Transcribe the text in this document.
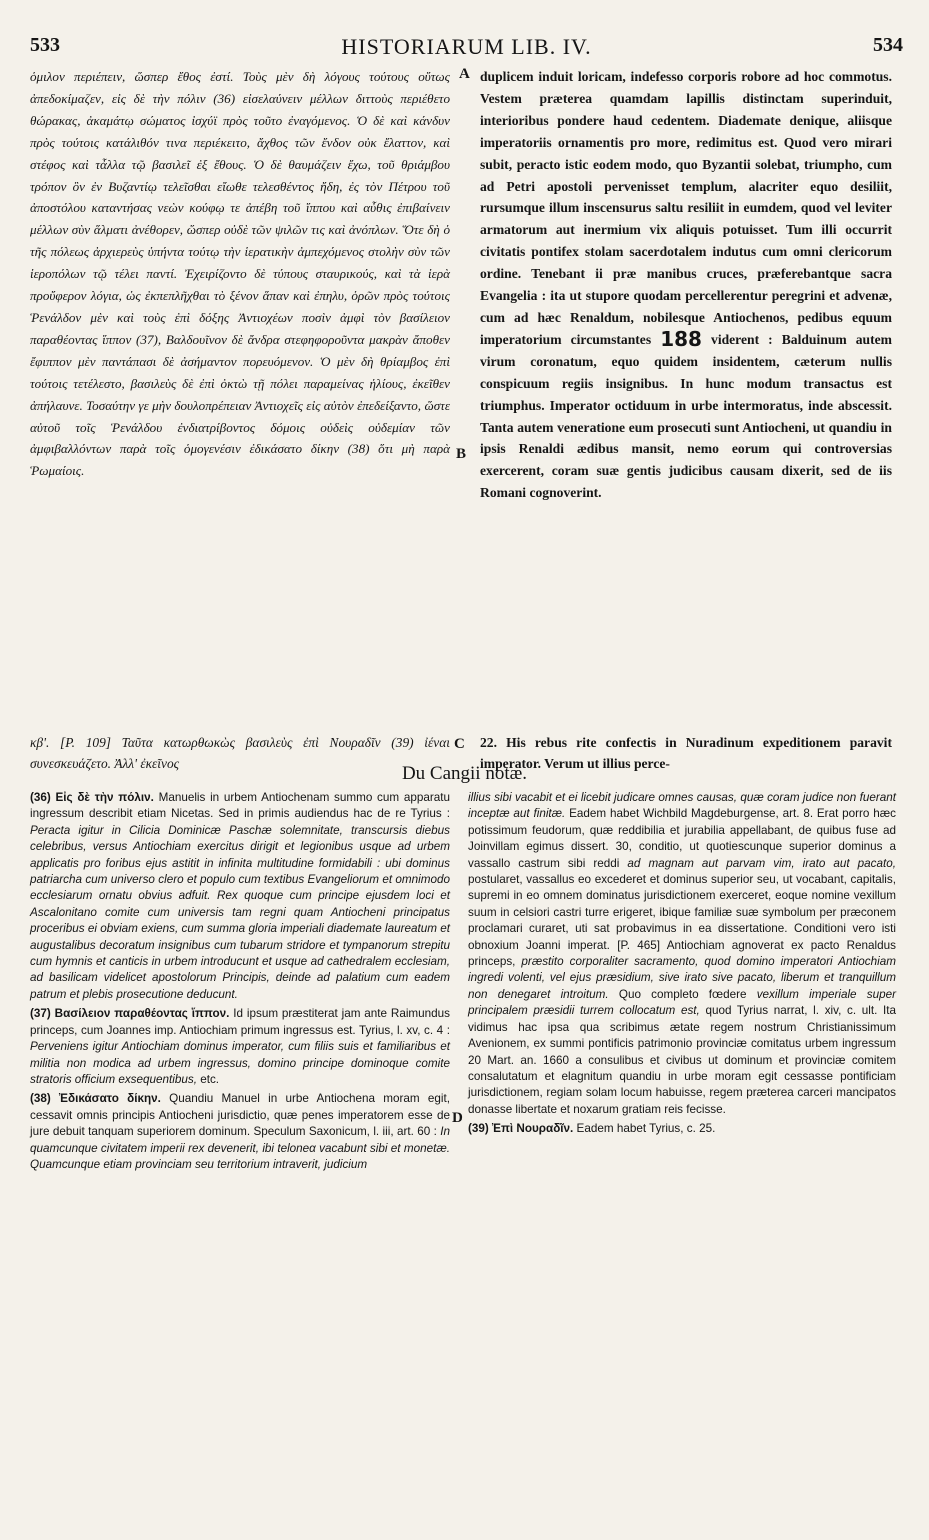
533	HISTORIARUM LIB. IV.	534
A
B
C
D

ὁμιλον περιέπειν, ὥσπερ ἔθος ἐστί. Τοὺς μὲν δὴ λόγους τούτους οὕτως ἀπεδοκίμαζεν, εἰς δὲ τὴν πόλιν (36) εἰσελαύνειν μέλλων διττοὺς περιέθετο θώρακας, ἀκαμάτῳ σώματος ἰσχύϊ πρὸς τοῦτο ἐναγόμενος. Ὁ δὲ καὶ κάνδυν πρὸς τούτοις κατάλιθόν τινα περιέκειτο, ἄχθος τῶν ἔνδον οὐκ ἔλαττον, καὶ στέφος καὶ τἆλλα τῷ βασιλεῖ ἐξ ἔθους. Ὁ δὲ θαυμάζειν ἔχω, τοῦ θριάμβου τρόπον ὃν ἐν Βυζαντίῳ τελεῖσθαι εἴωθε τελεσθέντος ἤδη, ἐς τὸν Πέτρου τοῦ ἀποστόλου καταντήσας νεὼν κούφῳ τε ἀπέβη τοῦ ἵππου καὶ αὖθις ἐπιβαίνειν μέλλων σὺν ἅλματι ἀνέθορεν, ὥσπερ οὐδὲ τῶν ψιλῶν τις καὶ ἀνόπλων. Ὅτε δὴ ὁ τῆς πόλεως ἀρχιερεὺς ὑπήντα τούτῳ τὴν ἱερατικὴν ἀμπεχόμενος στολὴν σὺν τῶν ἱεροπόλων τῷ τέλει παντί. Ἐχειρίζοντο δὲ τύπους σταυρικούς, καὶ τὰ ἱερὰ προὔφερον λόγια, ὡς ἐκπεπλῆχθαι τὸ ξένον ἅπαν καὶ ἐπηλυ, ὁρῶν πρὸς τούτοις Ῥενάλδον μὲν καὶ τοὺς ἐπὶ δόξης Ἀντιοχέων ποσὶν ἀμφὶ τὸν βασίλειον παραθέοντας ἵππον (37), Βαλδουῖνον δὲ ἄνδρα στεφηφοροῦντα μακρὰν ἄποθεν ἔφιππον μὲν παντάπασι δὲ ἀσήμαντον πορευόμενον. Ὁ μὲν δὴ θρίαμβος ἐπὶ τούτοις τετέλεστο, βασιλεὺς δὲ ἐπὶ ὀκτὼ τῇ πόλει παραμείνας ἡλίους, ἐκεῖθεν ἀπήλαυνε. Τοσαύτην γε μὴν δουλοπρέπειαν Ἀντιοχεῖς εἰς αὐτὸν ἐπεδείξαντο, ὥστε αὐτοῦ τοῖς Ῥενάλδου ἐνδιατρίβοντος δόμοις οὐδεὶς οὐδεμίαν τῶν ἀμφιβαλλόντων παρὰ τοῖς ὁμογενέσιν ἐδικάσατο δίκην (38) ὅτι μὴ παρὰ Ῥωμαίοις.

duplicem induit loricam, indefesso corporis robore ad hoc commotus. Vestem præterea quamdam lapillis distinctam superinduit, interioribus pondere haud cedentem. Diademate denique, aliisque imperatoriis ornamentis pro more, redimitus est. Quod vero mirari subit, peracto istic eodem modo, quo Byzantii solebat, triumpho, cum ad Petri apostoli pervenisset templum, alacriter equo desiliit, rursumque illum inscensurus saltu resiliit in eumdem, quod vel leviter armatorum aut inermium vix aliquis potuisset. Tum illi occurrit civitatis pontifex stolam sacerdotalem indutus cum omni clericorum ordine. Tenebant ii præ manibus cruces, præferebantque sacra Evangelia : ita ut stupore quodam percellerentur peregrini et advenæ, cum ad hæc Renaldum, nobilesque Antiochenos, pedibus equum imperatorium circumstantes 188 viderent : Balduinum autem virum coronatum, equo quidem insidentem, cæterum nullis conspicuum regiis insignibus. In hunc modum transactus est triumphus. Imperator octiduum in urbe intermoratus, inde abscessit. Tanta autem veneratione eum prosecuti sunt Antiocheni, ut quandiu in ipsis Renaldi ædibus mansit, nemo eorum qui controversias exercerent, coram suæ gentis judicibus causam dixerit, sed de iis Romani cognoverint.

κβ'. [P. 109] Ταῦτα κατωρθωκὼς βασιλεὺς ἐπὶ Νουραδῖν (39) ἰέναι συνεσκευάζετο. Ἀλλ' ἐκεῖνος

22. His rebus rite confectis in Nuradinum expeditionem paravit imperator. Verum ut illius perce-

Du Cangii notæ.

(36) Εἰς δὲ τὴν πόλιν. Manuelis in urbem Antiochenam summo cum apparatu ingressum describit etiam Nicetas. Sed in primis audiendus hac de re Tyrius : Peracta igitur in Cilicia Dominicæ Paschæ solemnitate, transcursis diebus celebribus, versus Antiochiam exercitus dirigit et legionibus usque ad urbem applicatis pro foribus ejus astitit in infinita multitudine formidabili : ubi dominus patriarcha cum universo clero et populo cum textibus Evangeliorum et omnimodo ecclesiarum ornatu obvius adfuit. Rex quoque cum principe ejusdem loci et Ascalonitano comite cum universis tam regni quam Antiocheni principatus proceribus ei obviam exiens, cum summa gloria imperiali diademate laureatum et augustalibus decoratum insignibus cum tubarum stridore et tympanorum strepitu cum hymnis et canticis in urbem introducunt et usque ad cathedralem ecclesiam, ad basilicam videlicet apostolorum Principis, deinde ad palatium cum eadem patrum et plebis prosecutione deducunt.

(37) Βασίλειον παραθέοντας ἵππον. Id ipsum præstiterat jam ante Raimundus princeps, cum Joannes imp. Antiochiam primum ingressus est. Tyrius, l. xv, c. 4 : Perveniens igitur Antiochiam dominus imperator, cum filiis suis et familiaribus et militia non modica ad urbem ingressus, domino principe dominoque comite stratoris officium exsequentibus, etc.

(38) Ἐδικάσατο δίκην. Quandiu Manuel in urbe Antiochena moram egit, cessavit omnis principis Antiocheni jurisdictio, quæ penes imperatorem esse de jure debuit tanquam superiorem dominum. Speculum Saxonicum, l. iii, art. 60 : In quamcunque civitatem imperii rex devenerit, ibi teloneα vacabunt sibi et monetæ. Quamcunque etiam provinciam seu territorium intraverit, judicium

illius sibi vacabit et ei licebit judicare omnes causas, quæ coram judice non fuerant inceptæ aut finitæ. Eadem habet Wichbild Magdeburgense, art. 8. Erat porro hæc potissimum feudorum, quæ reddibilia et jurabilia appellabant, de quibus fuse ad Joinvillam egimus dissert. 30, conditio, ut quotiescunque superior dominus a vassallo castrum sibi reddi ad magnam aut parvam vim, irato aut pacato, postularet, vassallus eo excederet et dominus superior seu, ut vocabant, capitalis, supremi in eo omnem dominatus jurisdictionem exerceret, eoque nomine vexillum suum in celsiori castri turre erigeret, ibique familiæ suæ symbolum per præconem proclamari curaret, uti sat probavimus in ea dissertatione. Conditioni vero isti obnoxium Joanni imperat. [P. 465] Antiochiam agnoverat ex pacto Renaldus princeps, præstito corporaliter sacramento, quod domino imperatori Antiochiam ingredi volenti, vel ejus præsidium, sive irato sive pacato, liberum et tranquillum non denegaret introitum. Quo completo fœdere vexillum imperiale super principalem præsidii turrem collocatum est, quod Tyrius narrat, l. xiv, c. ult. Ita vidimus hac ipsa qua scribimus ætate regem nostrum Christianissimum Avenionem, ex summi pontificis patrimonio provinciæ comitatus urbem ingressum 20 Mart. an. 1660 a consulibus et civibus ut dominum et provinciæ comitem consalutatum et elagnitum quandiu in urbe moram egit cessasse pontificiam jurisdictionem, regiam solam locum habuisse, regem præterea carceri mancipatos donasse libertate et noxarum gratiam reis fecisse.

(39) Ἐπὶ Νουραδῖν. Eadem habet Tyrius, c. 25.
